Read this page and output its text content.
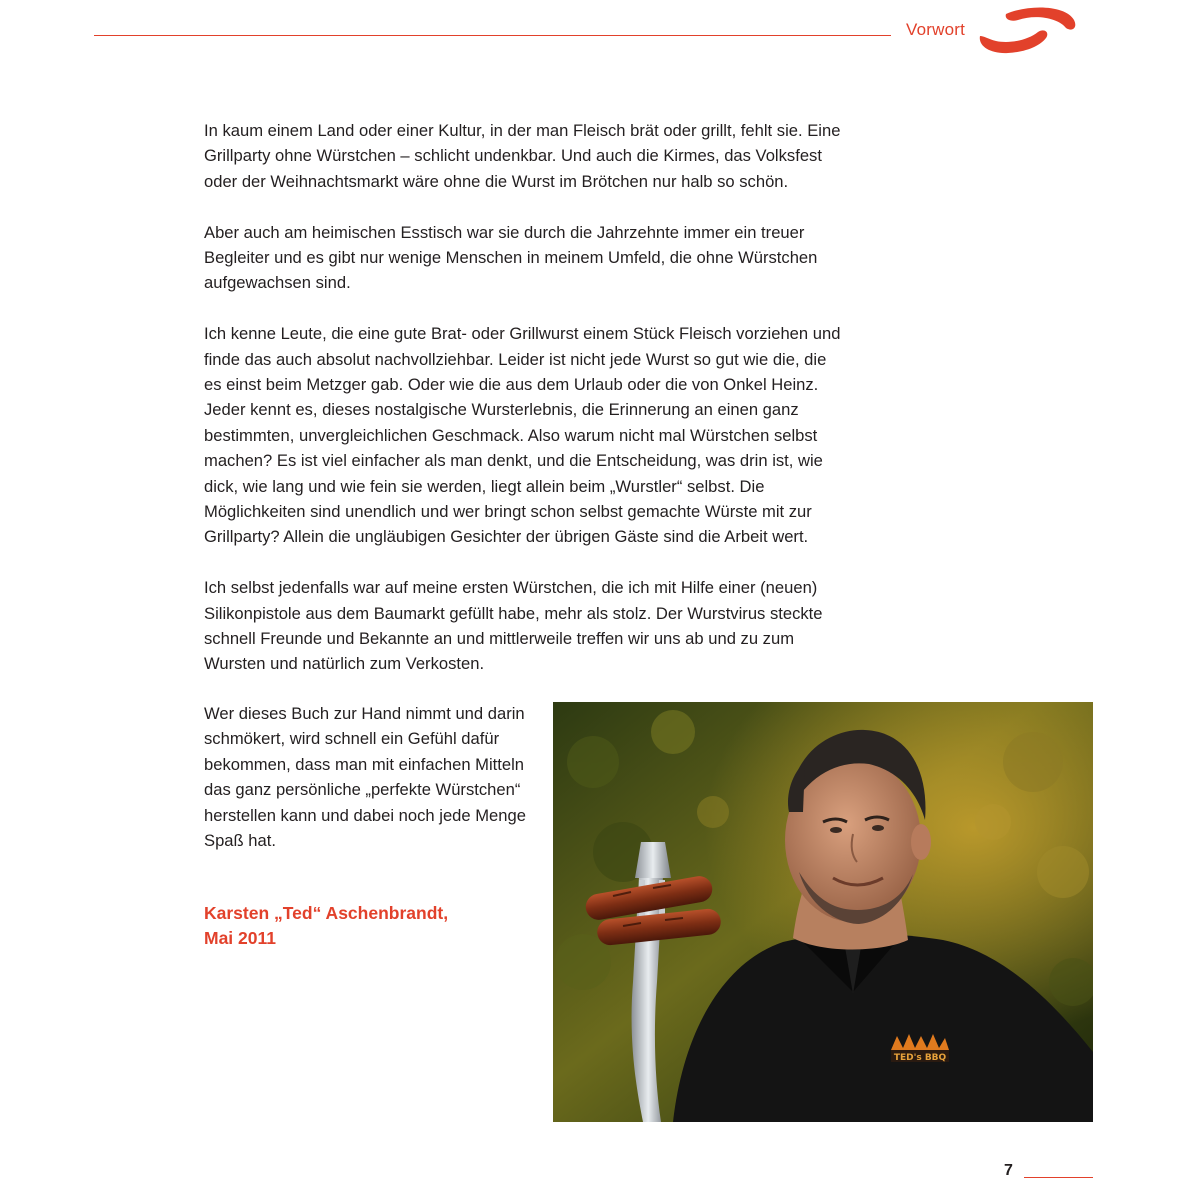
Vorwort

In kaum einem Land oder einer Kultur, in der man Fleisch brät oder grillt, fehlt sie. Eine Grillparty ohne Würstchen – schlicht undenkbar. Und auch die Kirmes, das Volksfest oder der Weihnachtsmarkt wäre ohne die Wurst im Brötchen nur halb so schön.

Aber auch am heimischen Esstisch war sie durch die Jahrzehnte immer ein treuer Begleiter und es gibt nur wenige Menschen in meinem Umfeld, die ohne Würstchen aufgewachsen sind.

Ich kenne Leute, die eine gute Brat- oder Grillwurst einem Stück Fleisch vorziehen und finde das auch absolut nachvollziehbar. Leider ist nicht jede Wurst so gut wie die, die es einst beim Metzger gab. Oder wie die aus dem Urlaub oder die von Onkel Heinz. Jeder kennt es, dieses nostalgische Wursterlebnis, die Erinnerung an einen ganz bestimmten, unvergleichlichen Geschmack. Also warum nicht mal Würstchen selbst machen? Es ist viel einfacher als man denkt, und die Entscheidung, was drin ist, wie dick, wie lang und wie fein sie werden, liegt allein beim „Wurstler“ selbst. Die Möglichkeiten sind unendlich und wer bringt schon selbst gemachte Würste mit zur Grillparty? Allein die ungläubigen Gesichter der übrigen Gäste sind die Arbeit wert.

Ich selbst jedenfalls war auf meine ersten Würstchen, die ich mit Hilfe einer (neuen) Silikonpistole aus dem Baumarkt gefüllt habe, mehr als stolz. Der Wurstvirus steckte schnell Freunde und Bekannte an und mittlerweile treffen wir uns ab und zu zum Wursten und natürlich zum Verkosten.

Wer dieses Buch zur Hand nimmt und darin schmökert, wird schnell ein Gefühl dafür bekommen, dass man mit einfachen Mitteln das ganz persönliche „perfekte Würstchen“ herstellen kann und dabei noch jede Menge Spaß hat.

Karsten „Ted“ Aschenbrandt,
Mai 2011

TED's BBQ
7
